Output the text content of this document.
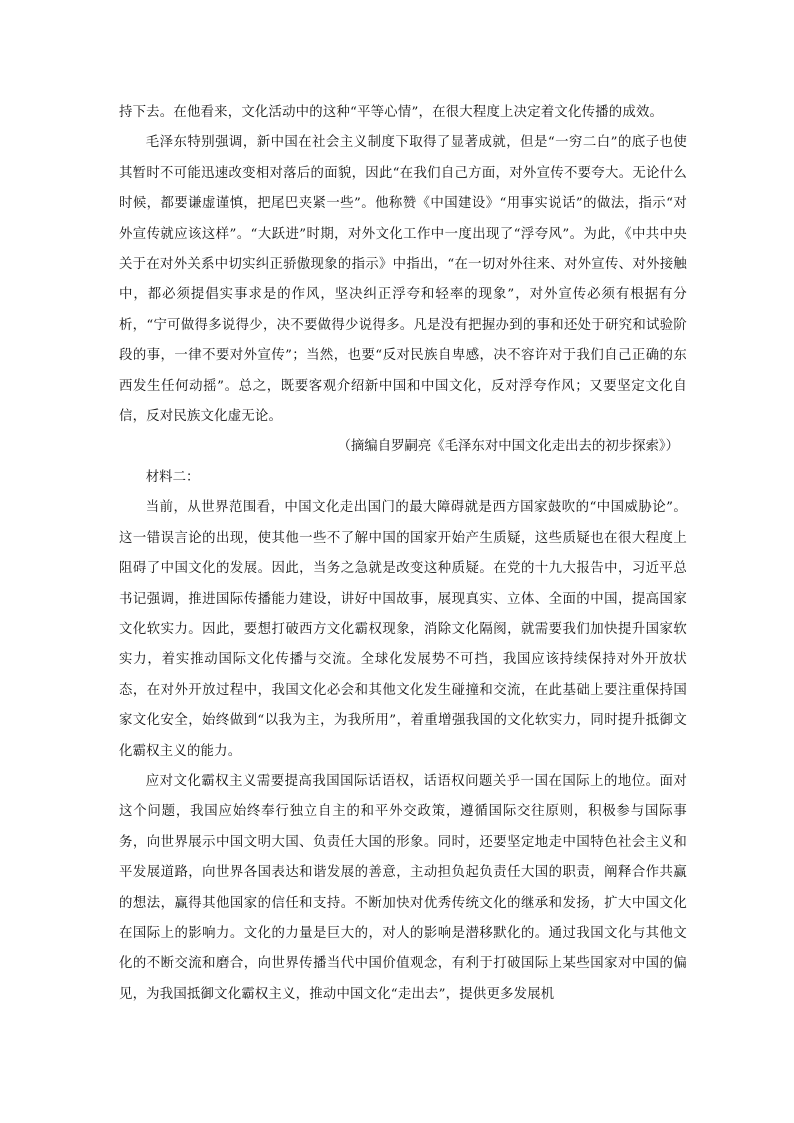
持下去。在他看来，文化活动中的这种“平等心情”，在很大程度上决定着文化传播的成效。

毛泽东特别强调，新中国在社会主义制度下取得了显著成就，但是“一穷二白”的底子也使其暂时不可能迅速改变相对落后的面貌，因此“在我们自己方面，对外宣传不要夸大。无论什么时候，都要谦虚谨慎，把尾巴夹紧一些”。他称赞《中国建设》“用事实说话”的做法，指示“对外宣传就应该这样”。“大跃进”时期，对外文化工作中一度出现了“浮夸风”。为此，《中共中央关于在对外关系中切实纠正骄傲现象的指示》中指出，“在一切对外往来、对外宣传、对外接触中，都必须提倡实事求是的作风，坚决纠正浮夸和轻率的现象”，对外宣传必须有根据有分析，“宁可做得多说得少，决不要做得少说得多。凡是没有把握办到的事和还处于研究和试验阶段的事，一律不要对外宣传”；当然，也要“反对民族自卑感，决不容许对于我们自己正确的东西发生任何动摇”。总之，既要客观介绍新中国和中国文化，反对浮夸作风；又要坚定文化自信，反对民族文化虚无论。

（摘编自罗嗣亮《毛泽东对中国文化走出去的初步探索》）

材料二：

当前，从世界范围看，中国文化走出国门的最大障碍就是西方国家鼓吹的“中国威胁论”。这一错误言论的出现，使其他一些不了解中国的国家开始产生质疑，这些质疑也在很大程度上阻碍了中国文化的发展。因此，当务之急就是改变这种质疑。在党的十九大报告中，习近平总书记强调，推进国际传播能力建设，讲好中国故事，展现真实、立体、全面的中国，提高国家文化软实力。因此，要想打破西方文化霸权现象，消除文化隔阂，就需要我们加快提升国家软实力，着实推动国际文化传播与交流。全球化发展势不可挡，我国应该持续保持对外开放状态，在对外开放过程中，我国文化必会和其他文化发生碰撞和交流，在此基础上要注重保持国家文化安全，始终做到“以我为主，为我所用”，着重增强我国的文化软实力，同时提升抵御文化霸权主义的能力。

应对文化霸权主义需要提高我国国际话语权，话语权问题关乎一国在国际上的地位。面对这个问题，我国应始终奉行独立自主的和平外交政策，遵循国际交往原则，积极参与国际事务，向世界展示中国文明大国、负责任大国的形象。同时，还要坚定地走中国特色社会主义和平发展道路，向世界各国表达和谐发展的善意，主动担负起负责任大国的职责，阐释合作共赢的想法，赢得其他国家的信任和支持。不断加快对优秀传统文化的继承和发扬，扩大中国文化在国际上的影响力。文化的力量是巨大的，对人的影响是潜移默化的。通过我国文化与其他文化的不断交流和磨合，向世界传播当代中国价值观念，有利于打破国际上某些国家对中国的偏见，为我国抵御文化霸权主义，推动中国文化“走出去”，提供更多发展机
